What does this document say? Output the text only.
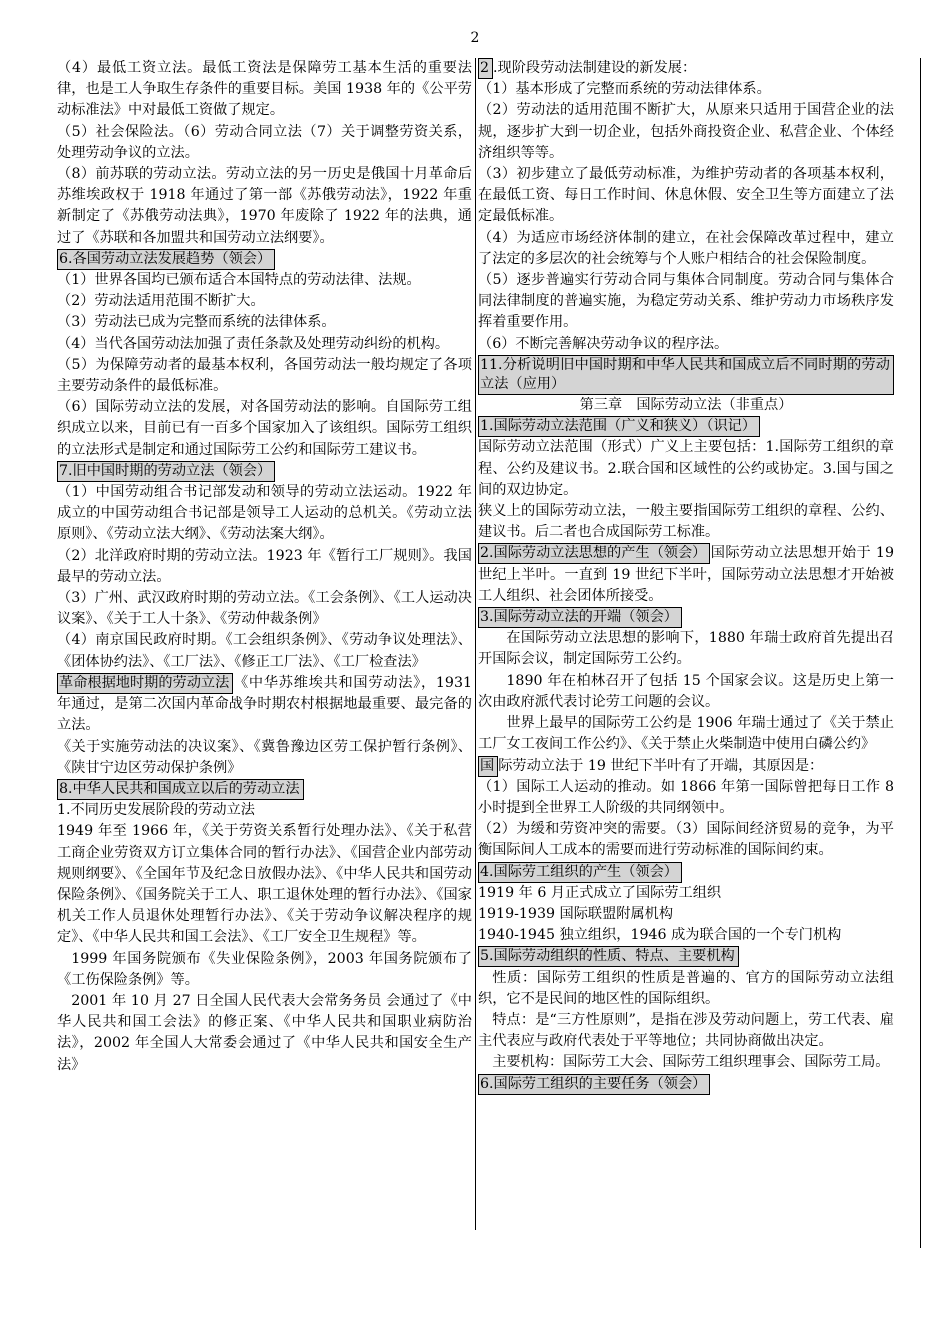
2

（4）最低工资立法。最低工资法是保障劳工基本生活的重要法律，也是工人争取生存条件的重要目标。美国 1938 年的《公平劳动标准法》中对最低工资做了规定。

（5）社会保险法。（6）劳动合同立法（7）关于调整劳资关系，处理劳动争议的立法。

（8）前苏联的劳动立法。劳动立法的另一历史是俄国十月革命后苏维埃政权于 1918 年通过了第一部《苏俄劳动法》，1922 年重新制定了《苏俄劳动法典》，1970 年废除了 1922 年的法典，通过了《苏联和各加盟共和国劳动立法纲要》。

6.各国劳动立法发展趋势（领会）

（1）世界各国均已颁布适合本国特点的劳动法律、法规。

（2）劳动法适用范围不断扩大。

（3）劳动法已成为完整而系统的法律体系。

（4）当代各国劳动法加强了责任条款及处理劳动纠纷的机构。

（5）为保障劳动者的最基本权利，各国劳动法一般均规定了各项主要劳动条件的最低标准。

（6）国际劳动立法的发展，对各国劳动法的影响。自国际劳工组织成立以来，目前已有一百多个国家加入了该组织。国际劳工组织的立法形式是制定和通过国际劳工公约和国际劳工建议书。

7.旧中国时期的劳动立法（领会）

（1）中国劳动组合书记部发动和领导的劳动立法运动。1922 年成立的中国劳动组合书记部是领导工人运动的总机关。《劳动立法原则》、《劳动立法大纲》、《劳动法案大纲》。

（2）北洋政府时期的劳动立法。1923 年《暂行工厂规则》。我国最早的劳动立法。

（3）广州、武汉政府时期的劳动立法。《工会条例》、《工人运动决议案》、《关于工人十条》、《劳动仲裁条例》

（4）南京国民政府时期。《工会组织条例》、《劳动争议处理法》、《团体协约法》、《工厂法》、《修正工厂法》、《工厂检查法》

革命根据地时期的劳动立法 《中华苏维埃共和国劳动法》，1931 年通过，是第二次国内革命战争时期农村根据地最重要、最完备的立法。

《关于实施劳动法的决议案》、《冀鲁豫边区劳工保护暂行条例》、《陕甘宁边区劳动保护条例》

8.中华人民共和国成立以后的劳动立法

1.不同历史发展阶段的劳动立法

1949 年至 1966 年，《关于劳资关系暂行处理办法》、《关于私营工商企业劳资双方订立集体合同的暂行办法》、《国营企业内部劳动规则纲要》、《全国年节及纪念日放假办法》、《中华人民共和国劳动保险条例》、《国务院关于工人、职工退休处理的暂行办法》、《国家机关工作人员退休处理暂行办法》、《关于劳动争议解决程序的规定》、《中华人民共和国工会法》、《工厂安全卫生规程》等。

1999 年国务院颁布《失业保险条例》，2003 年国务院颁布了《工伤保险条例》等。

2001 年 10 月 27 日全国人民代表大会常务务员 会通过了《中华人民共和国工会法》的修正案、《中华人民共和国职业病防治法》，2002 年全国人大常委会通过了《中华人民共和国安全生产法》

2 .现阶段劳动法制建设的新发展：

（1）基本形成了完整而系统的劳动法律体系。

（2）劳动法的适用范围不断扩大，从原来只适用于国营企业的法规，逐步扩大到一切企业，包括外商投资企业、私营企业、个体经济组织等等。

（3）初步建立了最低劳动标准，为维护劳动者的各项基本权利，在最低工资、每日工作时间、休息休假、安全卫生等方面建立了法定最低标准。

（4）为适应市场经济体制的建立，在社会保障改革过程中，建立了法定的多层次的社会统筹与个人账户相结合的社会保险制度。

（5）逐步普遍实行劳动合同与集体合同制度。劳动合同与集体合同法律制度的普遍实施，为稳定劳动关系、维护劳动力市场秩序发挥着重要作用。

（6）不断完善解决劳动争议的程序法。

11.分析说明旧中国时期和中华人民共和国成立后不同时期的劳动立法（应用）

第三章　国际劳动立法（非重点）

1.国际劳动立法范围（广义和狭义）（识记）

国际劳动立法范围（形式）广义上主要包括：1.国际劳工组织的章程、公约及建议书。2.联合国和区域性的公约或协定。3.国与国之间的双边协定。

狭义上的国际劳动立法，一般主要指国际劳工组织的章程、公约、建议书。后二者也合成国际劳工标准。

2.国际劳动立法思想的产生（领会） 国际劳动立法思想开始于 19 世纪上半叶。一直到 19 世纪下半叶，国际劳动立法思想才开始被工人组织、社会团体所接受。

3.国际劳动立法的开端（领会）

在国际劳动立法思想的影响下，1880 年瑞士政府首先提出召开国际会议，制定国际劳工公约。

1890 年在柏林召开了包括 15 个国家会议。这是历史上第一次由政府派代表讨论劳工问题的会议。

世界上最早的国际劳工公约是 1906 年瑞士通过了《关于禁止工厂女工夜间工作公约》、《关于禁止火柴制造中使用白磷公约》

国 际劳动立法于 19 世纪下半叶有了开端，其原因是：

（1）国际工人运动的推动。如 1866 年第一国际曾把每日工作 8 小时提到全世界工人阶级的共同纲领中。

（2）为缓和劳资冲突的需要。（3）国际间经济贸易的竞争，为平衡国际间人工成本的需要而进行劳动标准的国际间约束。

4.国际劳工组织的产生（领会）

1919 年 6 月正式成立了国际劳工组织

1919-1939 国际联盟附属机构

1940-1945 独立组织，1946 成为联合国的一个专门机构

5.国际劳动组织的性质、特点、主要机构

性质：国际劳工组织的性质是普遍的、官方的国际劳动立法组织，它不是民间的地区性的国际组织。

特点：是“三方性原则”，是指在涉及劳动问题上，劳工代表、雇主代表应与政府代表处于平等地位；共同协商做出决定。

主要机构：国际劳工大会、国际劳工组织理事会、国际劳工局。

6.国际劳工组织的主要任务（领会）
